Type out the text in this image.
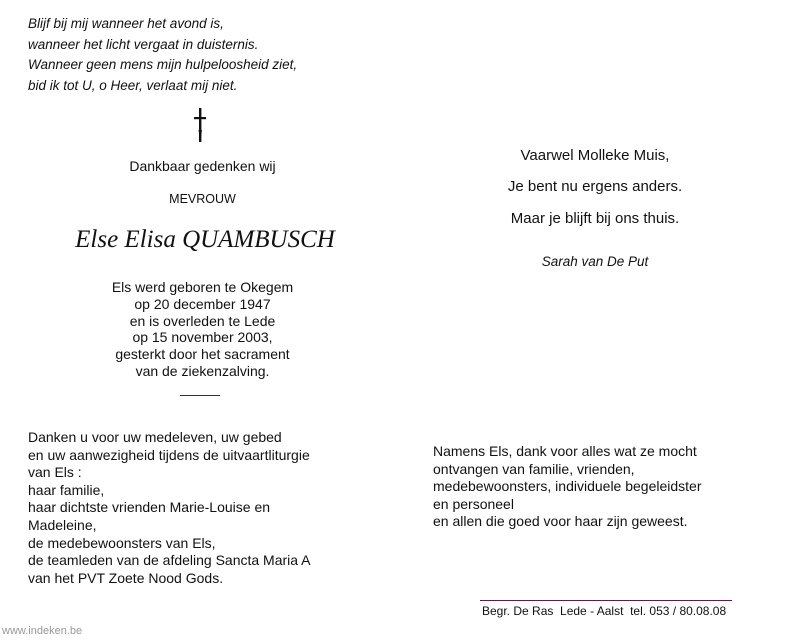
Blijf bij mij wanneer het avond is,
wanneer het licht vergaat in duisternis.
Wanneer geen mens mijn hulpeloosheid ziet,
bid ik tot U, o Heer, verlaat mij niet.
Dankbaar gedenken wij
MEVROUW
Else Elisa QUAMBUSCH
Els werd geboren te Okegem
op 20 december 1947
en is overleden te Lede
op 15 november 2003,
gesterkt door het sacrament
van de ziekenzalving.
Danken u voor uw medeleven, uw gebed
en uw aanwezigheid tijdens de uitvaartliturgie
van Els :
haar familie,
haar dichtste vrienden Marie-Louise en
Madeleine,
de medebewoonsters van Els,
de teamleden van de afdeling Sancta Maria A
van het PVT Zoete Nood Gods.
Vaarwel Molleke Muis,
Je bent nu ergens anders.
Maar je blijft bij ons thuis.
Sarah van De Put
Namens Els, dank voor alles wat ze mocht
ontvangen van familie, vrienden,
medebewoonsters, individuele begeleidster
en personeel
en allen die goed voor haar zijn geweest.
Begr. De Ras  Lede - Aalst  tel. 053 / 80.08.08
www.indeken.be
